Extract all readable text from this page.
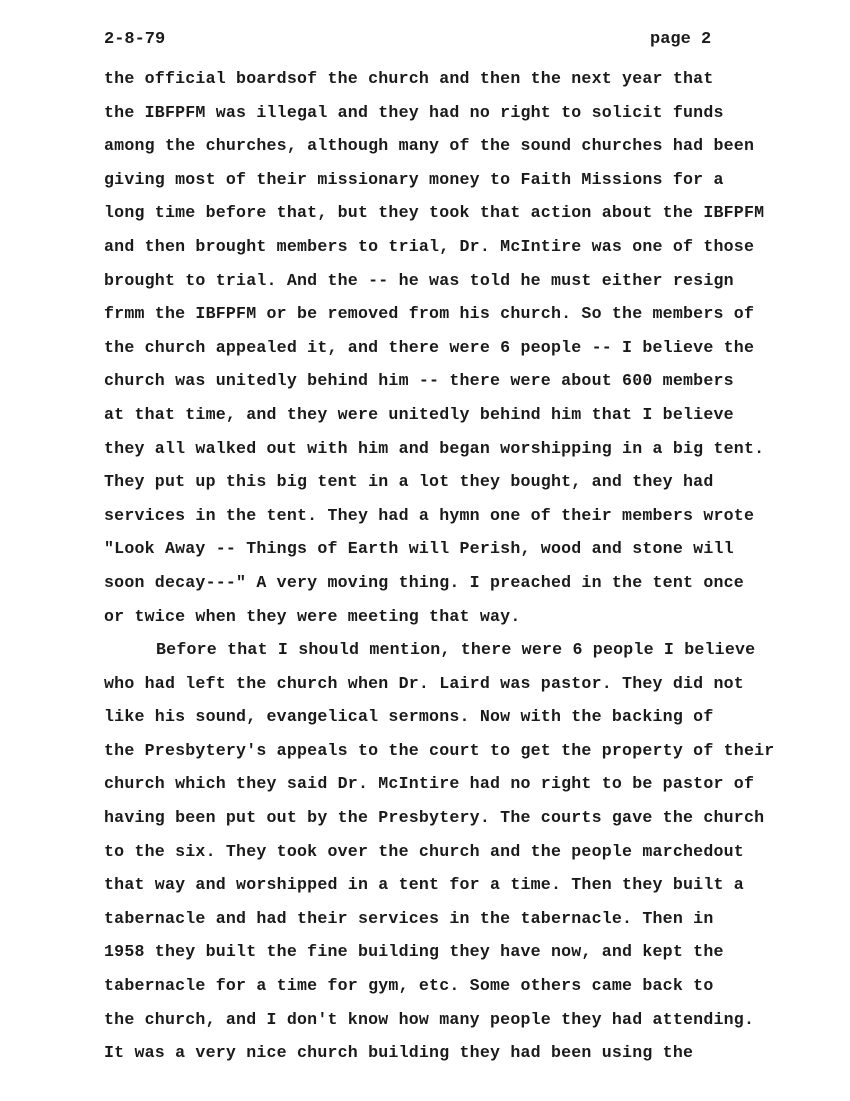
2-8-79	page 2
the official boardsof the church and then the next year that
the IBFPFM was illegal and they had no right to solicit funds
among the churches, although many of the sound churches had been
giving most of their missionary money to Faith Missions for a
long time before that, but they took that action about the IBFPFM
and then brought members to trial, Dr. McIntire was one of those
brought to trial. And the -- he was told he must either resign
frmm the IBFPFM or be removed from his church. So the members of
the church appealed it, and there were 6 people -- I believe the
church was unitedly behind him -- there were about 600 members
at that time, and they were unitedly behind him that I believe
they all walked out with him and began worshipping in a big tent.
They put up this big tent in a lot they bought, and they had
services in the tent. They had a hymn one of their members wrote
"Look Away -- Things of Earth will Perish, wood and stone will
soon decay---" A very moving thing. I preached in the tent once
or twice when they were meeting that way.
Before that I should mention, there were 6 people I believe
who had left the church when Dr. Laird was pastor. They did not
like his sound, evangelical sermons. Now with the backing of
the Presbytery's appeals to the court to get the property of their
church which they said Dr. McIntire had no right to be pastor of
having been put out by the Presbytery. The courts gave the church
to the six. They took over the church and the people marchedout
that way and worshipped in a tent for a time. Then they built a
tabernacle and had their services in the tabernacle. Then in
1958 they built the fine building they have now, and kept the
tabernacle for a time for gym, etc. Some others came back to
the church, and I don't know how many people they had attending.
It was a very nice church building they had been using the
